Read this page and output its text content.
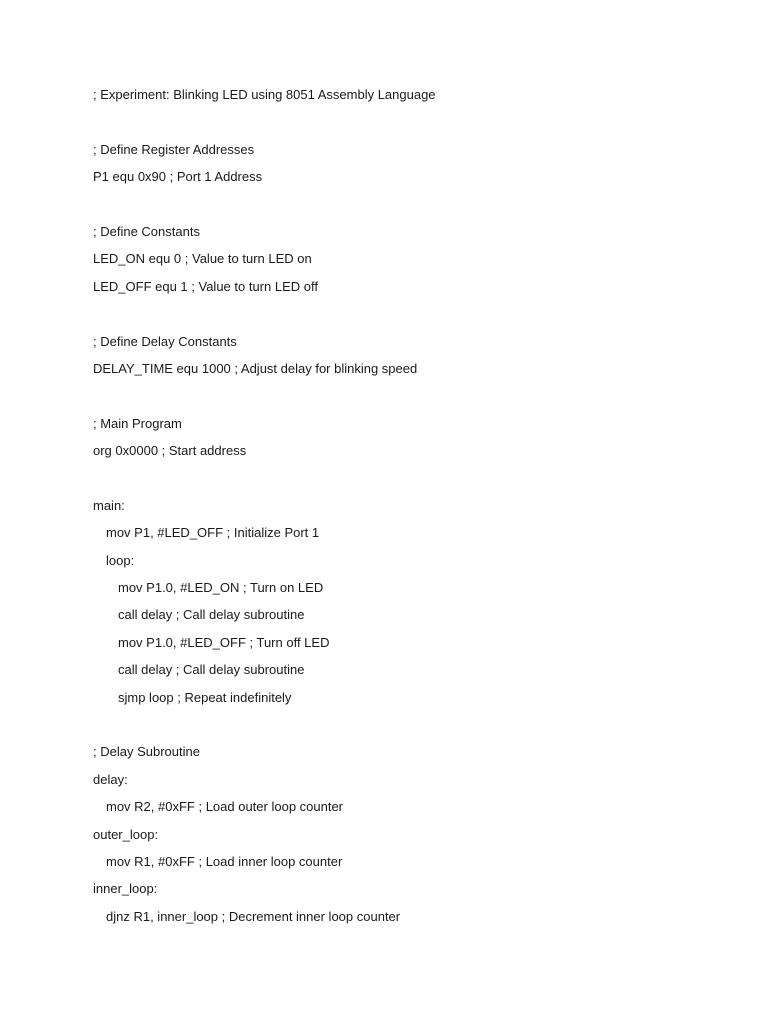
; Experiment: Blinking LED using 8051 Assembly Language
; Define Register Addresses
P1 equ 0x90 ; Port 1 Address
; Define Constants
LED_ON equ 0 ; Value to turn LED on
LED_OFF equ 1 ; Value to turn LED off
; Define Delay Constants
DELAY_TIME equ 1000 ; Adjust delay for blinking speed
; Main Program
org 0x0000 ; Start address
main:
mov P1, #LED_OFF ; Initialize Port 1
loop:
mov P1.0, #LED_ON ; Turn on LED
call delay ; Call delay subroutine
mov P1.0, #LED_OFF ; Turn off LED
call delay ; Call delay subroutine
sjmp loop ; Repeat indefinitely
; Delay Subroutine
delay:
mov R2, #0xFF ; Load outer loop counter
outer_loop:
mov R1, #0xFF ; Load inner loop counter
inner_loop:
djnz R1, inner_loop ; Decrement inner loop counter
